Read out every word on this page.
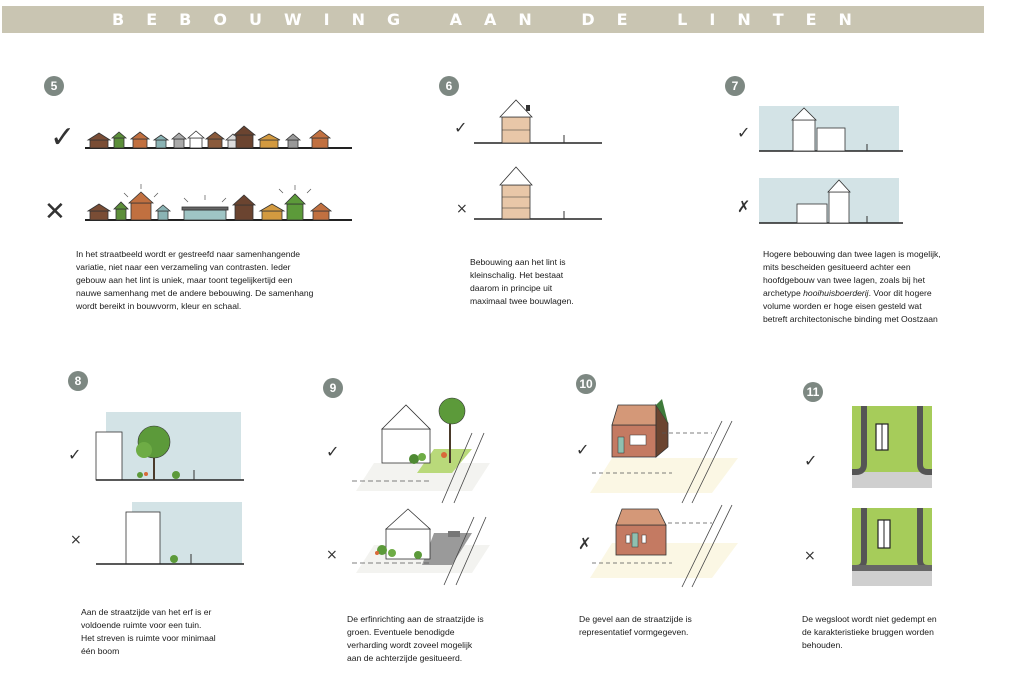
BEBOUWING AAN DE LINTEN
5
✓
✕
In het straatbeeld wordt er gestreefd naar samenhangende
variatie, niet naar een verzameling van contrasten. Ieder
gebouw aan het lint is uniek, maar toont tegelijkertijd een
nauwe samenhang met de andere bebouwing. De samenhang
wordt bereikt in bouwvorm, kleur en schaal.
6
✓
×
Bebouwing aan het lint is
kleinschalig. Het bestaat
daarom in principe uit
maximaal twee bouwlagen.
7
✓
✗
Hogere bebouwing dan twee lagen is mogelijk,
mits bescheiden gesitueerd achter een
hoofdgebouw van twee lagen, zoals bij het
archetype hooihuisboerderij. Voor dit hogere
volume worden er hoge eisen gesteld wat
betreft architectonische binding met Oostzaan
8
✓
×
Aan de straatzijde van het erf is er
voldoende ruimte voor een tuin.
Het streven is ruimte voor minimaal
één boom
9
✓
×
De erfinrichting aan de straatzijde is
groen. Eventuele benodigde
verharding wordt zoveel mogelijk
aan de achterzijde gesitueerd.
10
✓
✗
De gevel aan de straatzijde is
representatief vormgegeven.
11
✓
×
De wegsloot wordt niet gedempt en
de karakteristieke bruggen worden
behouden.
